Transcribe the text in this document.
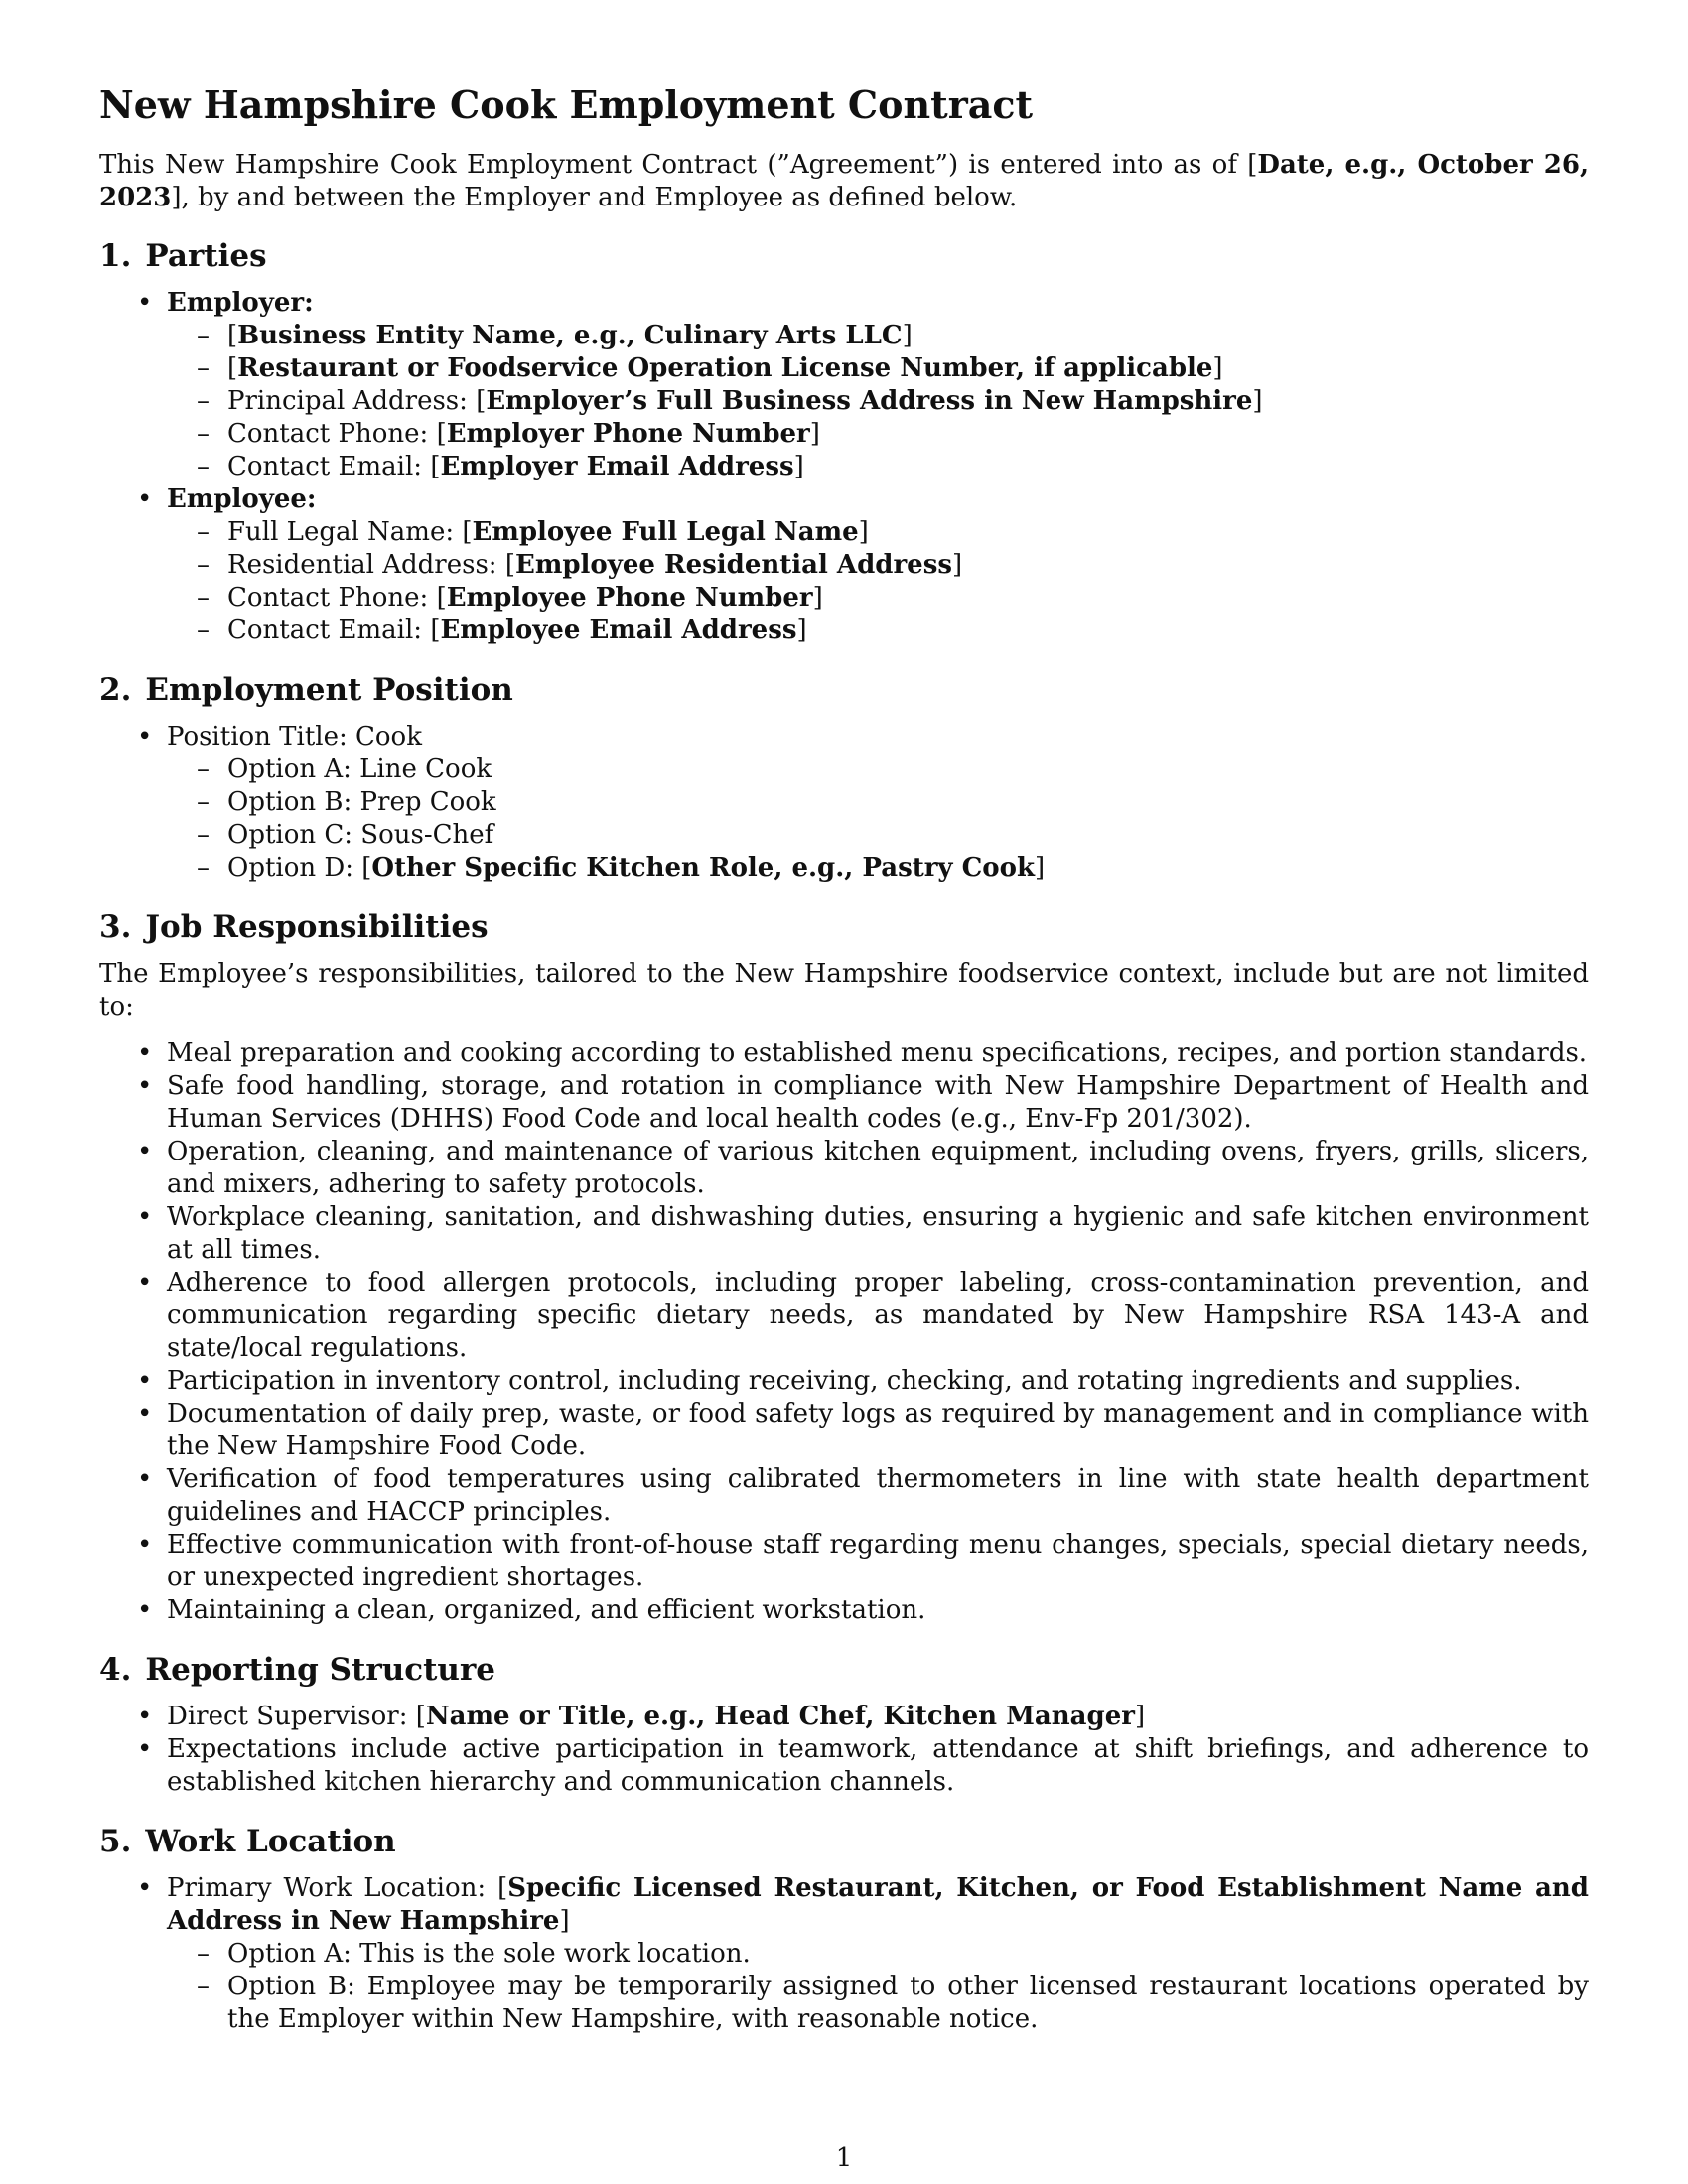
New Hampshire Cook Employment Contract

This New Hampshire Cook Employment Contract (”Agreement”) is entered into as of [Date, e.g., October 26, 2023], by and between the Employer and Employee as defined below.

1. Parties
• Employer:
– [Business Entity Name, e.g., Culinary Arts LLC]
– [Restaurant or Foodservice Operation License Number, if applicable]
– Principal Address: [Employer’s Full Business Address in New Hampshire]
– Contact Phone: [Employer Phone Number]
– Contact Email: [Employer Email Address]
• Employee:
– Full Legal Name: [Employee Full Legal Name]
– Residential Address: [Employee Residential Address]
– Contact Phone: [Employee Phone Number]
– Contact Email: [Employee Email Address]
2. Employment Position
• Position Title: Cook
– Option A: Line Cook
– Option B: Prep Cook
– Option C: Sous-Chef
– Option D: [Other Specific Kitchen Role, e.g., Pastry Cook]
3. Job Responsibilities

The Employee’s responsibilities, tailored to the New Hampshire foodservice context, include but are not limited to:

• Meal preparation and cooking according to established menu specifications, recipes, and portion standards.
• Safe food handling, storage, and rotation in compliance with New Hampshire Department of Health and Human Services (DHHS) Food Code and local health codes (e.g., Env-Fp 201/302).
• Operation, cleaning, and maintenance of various kitchen equipment, including ovens, fryers, grills, slicers, and mixers, adhering to safety protocols.
• Workplace cleaning, sanitation, and dishwashing duties, ensuring a hygienic and safe kitchen environment at all times.
• Adherence to food allergen protocols, including proper labeling, cross-contamination prevention, and communication regarding specific dietary needs, as mandated by New Hampshire RSA 143-A and state/local regulations.
• Participation in inventory control, including receiving, checking, and rotating ingredients and supplies.
• Documentation of daily prep, waste, or food safety logs as required by management and in compliance with the New Hampshire Food Code.
• Verification of food temperatures using calibrated thermometers in line with state health department guidelines and HACCP principles.
• Effective communication with front-of-house staff regarding menu changes, specials, special dietary needs, or unexpected ingredient shortages.
• Maintaining a clean, organized, and efficient workstation.
4. Reporting Structure
• Direct Supervisor: [Name or Title, e.g., Head Chef, Kitchen Manager]
• Expectations include active participation in teamwork, attendance at shift briefings, and adherence to established kitchen hierarchy and communication channels.
5. Work Location
• Primary Work Location: [Specific Licensed Restaurant, Kitchen, or Food Establishment Name and Address in New Hampshire]
– Option A: This is the sole work location.
– Option B: Employee may be temporarily assigned to other licensed restaurant locations operated by the Employer within New Hampshire, with reasonable notice.
1
